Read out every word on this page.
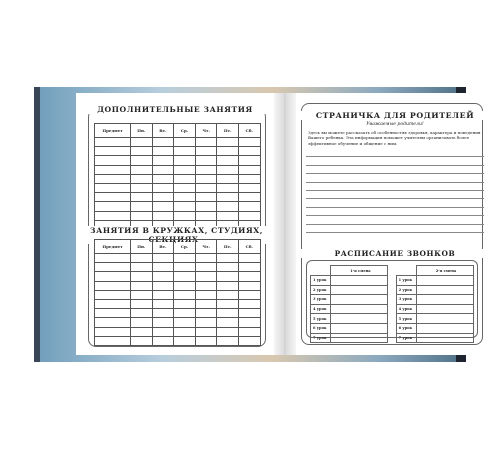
ДОПОЛНИТЕЛЬНЫЕ ЗАНЯТИЯ
Предмет	Пн.	Вт.	Ср.	Чт.	Пт.	Сб.

ЗАНЯТИЯ В КРУЖКАХ, СТУДИЯХ, СЕКЦИЯХ
Предмет	Пн.	Вт.	Ср.	Чт.	Пт.	Сб.

СТРАНИЧКА ДЛЯ РОДИТЕЛЕЙ
Уважаемые родители!
Здесь вы можете рассказать об особенностях здоровья, характера и поведения Вашего ребенка. Эта информация поможет учителям организовать более эффективное обучение и общение с ним.
РАСПИСАНИЕ ЗВОНКОВ
	1-я смена			2-я смена
1 урок			1 урок	
2 урок			2 урок	
3 урок			3 урок	
4 урок			4 урок	
5 урок			5 урок	
6 урок			6 урок	
7 урок			7 урок	
